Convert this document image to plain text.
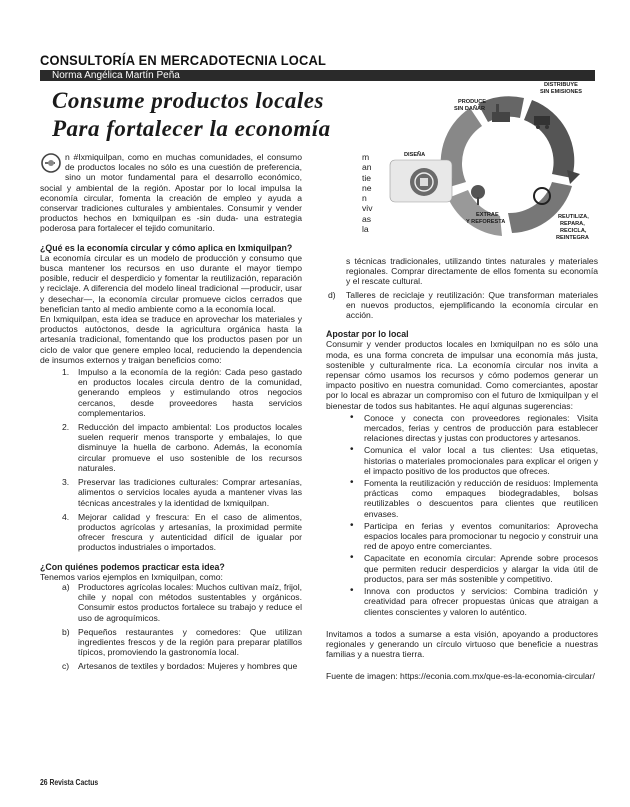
CONSULTORÍA EN MERCADOTECNIA LOCAL
Norma Angélica Martín Peña
Consume productos locales
Para fortalecer la economía
PRODUCE SIN DAÑAR
DISTRIBUYE SIN EMISIONES
DISEÑA
EXTRAE Y REFORESTA
REUTILIZA, REPARA, RECICLA, REINTEGRA
m
an
tie
ne
n
viv
as
la

n #Ixmiquilpan, como en muchas comunidades, el consumo de productos locales no sólo es una cuestión de preferencia, sino un motor fundamental para el desarrollo económico, social y ambiental de la región. Apostar por lo local impulsa la economía circular, fomenta la creación de empleo y ayuda a conservar tradiciones culturales y ambientales. Consumir y vender productos hechos en Ixmiquilpan es -sin duda- una estrategia poderosa para fortalecer el tejido comunitario.

¿Qué es la economía circular y cómo aplica en Ixmiquilpan?

La economía circular es un modelo de producción y consumo que busca mantener los recursos en uso durante el mayor tiempo posible, reducir el desperdicio y fomentar la reutilización, reparación y reciclaje. A diferencia del modelo lineal tradicional —producir, usar y desechar—, la economía circular promueve ciclos cerrados que benefician tanto al medio ambiente como a la economía local.

En Ixmiquilpan, esta idea se traduce en aprovechar los materiales y productos autóctonos, desde la agricultura orgánica hasta la artesanía tradicional, fomentando que los productos pasen por un ciclo de valor que genere empleo local, reduciendo la dependencia de insumos externos y traigan beneficios como:

1. Impulso a la economía de la región: Cada peso gastado en productos locales circula dentro de la comunidad, generando empleos y estimulando otros negocios cercanos, desde proveedores hasta servicios complementarios.
2. Reducción del impacto ambiental: Los productos locales suelen requerir menos transporte y embalajes, lo que disminuye la huella de carbono. Además, la economía circular promueve el uso sostenible de los recursos naturales.
3. Preservar las tradiciones culturales: Comprar artesanías, alimentos o servicios locales ayuda a mantener vivas las técnicas ancestrales y la identidad de Ixmiquilpan.
4. Mejorar calidad y frescura: En el caso de alimentos, productos agrícolas y artesanías, la proximidad permite ofrecer frescura y autenticidad difícil de igualar por productos industriales o importados.

¿Con quiénes podemos practicar esta idea?

Tenemos varios ejemplos en Ixmiquilpan, como:

a) Productores agrícolas locales: Muchos cultivan maíz, frijol, chile y nopal con métodos sustentables y orgánicos. Consumir estos productos fortalece su trabajo y reduce el uso de agroquímicos.
b) Pequeños restaurantes y comedores: Que utilizan ingredientes frescos y de la región para preparar platillos típicos, promoviendo la gastronomía local.
c) Artesanos de textiles y bordados: Mujeres y hombres que

s técnicas tradicionales, utilizando tintes naturales y materiales regionales. Comprar directamente de ellos fomenta su economía y el rescate cultural.

d) Talleres de reciclaje y reutilización: Que transforman materiales en nuevos productos, ejemplificando la economía circular en acción.

Apostar por lo local

Consumir y vender productos locales en Ixmiquilpan no es sólo una moda, es una forma concreta de impulsar una economía más justa, sostenible y culturalmente rica. La economía circular nos invita a repensar cómo usamos los recursos y cómo podemos generar un impacto positivo en nuestra comunidad. Como comerciantes, apostar por lo local es abrazar un compromiso con el futuro de Ixmiquilpan y el bienestar de todos sus habitantes. He aquí algunas sugerencias:

• Conoce y conecta con proveedores regionales: Visita mercados, ferias y centros de producción para establecer relaciones directas y justas con productores y artesanos.
• Comunica el valor local a tus clientes: Usa etiquetas, historias o materiales promocionales para explicar el origen y el impacto positivo de los productos que ofreces.
• Fomenta la reutilización y reducción de residuos: Implementa prácticas como empaques biodegradables, bolsas reutilizables o descuentos para clientes que reutilicen envases.
• Participa en ferias y eventos comunitarios: Aprovecha espacios locales para promocionar tu negocio y construir una red de apoyo entre comerciantes.
• Capacitate en economía circular: Aprende sobre procesos que permiten reducir desperdicios y alargar la vida útil de productos, para ser más sostenible y competitivo.
• Innova con productos y servicios: Combina tradición y creatividad para ofrecer propuestas únicas que atraigan a clientes conscientes y valoren lo auténtico.

Invitamos a todos a sumarse a esta visión, apoyando a productores regionales y generando un círculo virtuoso que beneficie a nuestras familias y a nuestra tierra.

Fuente de imagen: https://econia.com.mx/que-es-la-economia-circular/

26 Revista Cactus
